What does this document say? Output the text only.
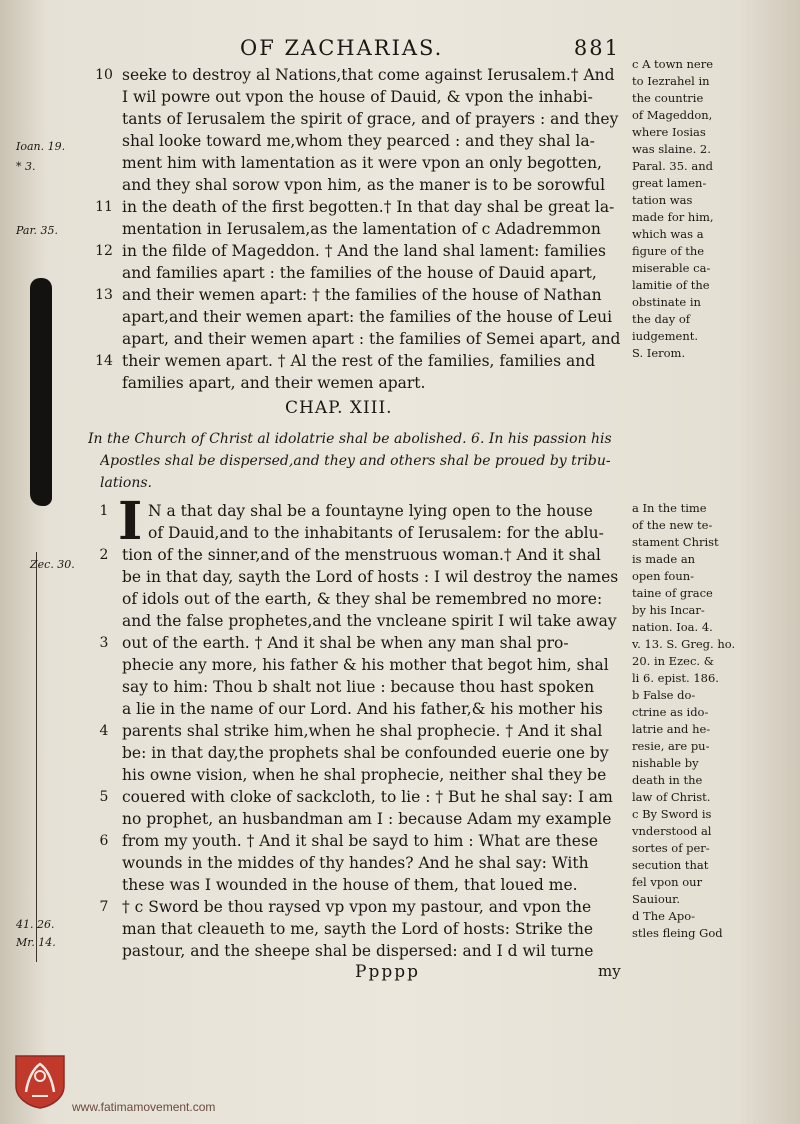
OF ZACHARIAS.	881
Ioan. 19.
* 3.
Par. 35.
10 seeke to destroy al Nations,that come against Ierusalem.† And
I wil powre out vpon the house of Dauid, & vpon the inhabi-
tants of Ierusalem the spirit of grace, and of prayers : and they
shal looke toward me,whom they pearced : and they shal la-
ment him with lamentation as it were vpon an only begotten,
and they shal sorow vpon him, as the maner is to be sorowful
11 in the death of the first begotten.† In that day shal be great la-
mentation in Ierusalem,as the lamentation of c Adadremmon
12 in the filde of Mageddon. † And the land shal lament: families
and families apart : the families of the house of Dauid apart,
13 and their wemen apart: † the families of the house of Nathan
apart,and their wemen apart: the families of the house of Leui
apart, and their wemen apart : the families of Semei apart, and
14 their wemen apart. † Al the rest of the families, families and
families apart, and their wemen apart.
CHAP. XIII.
In the Church of Christ al idolatrie shal be abolished. 6. In his passion his
Apostles shal be dispersed,and they and others shal be proued by tribu-
lations.
I
Zec. 30.
41. 26.
Mr. 14.
1	N a that day shal be a fountayne lying open to the house
of Dauid,and to the inhabitants of Ierusalem: for the ablu-
2 tion of the sinner,and of the menstruous woman.† And it shal
be in that day, sayth the Lord of hosts : I wil destroy the names
of idols out of the earth, & they shal be remembred no more:
and the false prophetes,and the vncleane spirit I wil take away
3 out of the earth. † And it shal be when any man shal pro-
phecie any more, his father & his mother that begot him, shal
say to him: Thou b shalt not liue : because thou hast spoken
a lie in the name of our Lord. And his father,& his mother his
4 parents shal strike him,when he shal prophecie. † And it shal
be: in that day,the prophets shal be confounded euerie one by
his owne vision, when he shal prophecie, neither shal they be
5 couered with cloke of sackcloth, to lie : † But he shal say: I am
no prophet, an husbandman am I : because Adam my example
6 from my youth. † And it shal be sayd to him : What are these
wounds in the middes of thy handes? And he shal say: With
these was I wounded in the house of them, that loued me.
7 † c Sword be thou raysed vp vpon my pastour, and vpon the
man that cleaueth to me, sayth the Lord of hosts: Strike the
pastour, and the sheepe shal be dispersed: and I d wil turne
c A town nere
to Iezrahel in
the countrie
of Mageddon,
where Iosias
was slaine. 2.
Paral. 35. and
great lamen-
tation was
made for him,
which was a
figure of the
miserable ca-
lamitie of the
obstinate in
the day of
iudgement.
S. Ierom.
a In the time
of the new te-
stament Christ
is made an
open foun-
taine of grace
by his Incar-
nation. Ioa. 4.
v. 13. S. Greg. ho.
20. in Ezec. &
li 6. epist. 186.
b False do-
ctrine as ido-
latrie and he-
resie, are pu-
nishable by
death in the
law of Christ.
c By Sword is
vnderstood al
sortes of per-
secution that
fel vpon our
Sauiour.
d The Apo-
stles fleing God
Ppppp	my
www.fatimamovement.com
